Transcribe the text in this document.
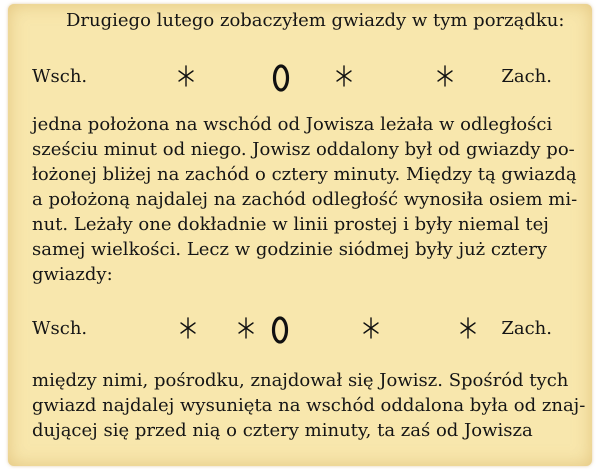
Drugiego lutego zobaczyłem gwiazdy w tym porządku:
Wsch.	Zach.

jedna położona na wschód od Jowisza leżała w odległości
sześciu minut od niego. Jowisz oddalony był od gwiazdy po-
łożonej bliżej na zachód o cztery minuty. Między tą gwiazdą
a położoną najdalej na zachód odległość wynosiła osiem mi-
nut. Leżały one dokładnie w linii prostej i były niemal tej
samej wielkości. Lecz w godzinie siódmej były już cztery
gwiazdy:

Wsch.	Zach.

między nimi, pośrodku, znajdował się Jowisz. Spośród tych
gwiazd najdalej wysunięta na wschód oddalona była od znaj-
dującej się przed nią o cztery minuty, ta zaś od Jowisza
